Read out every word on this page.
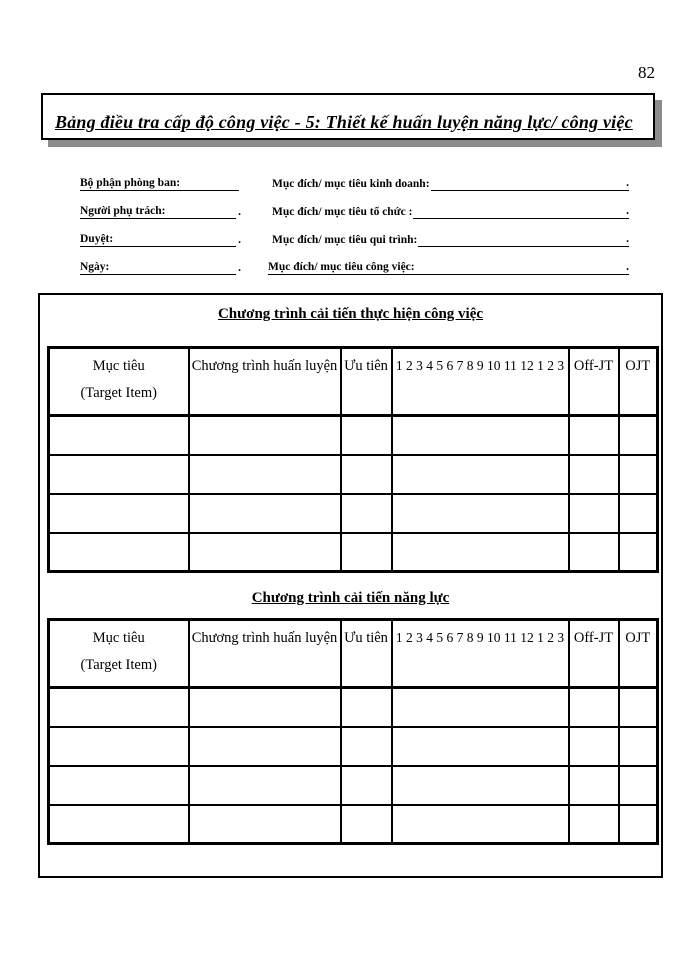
82
Bảng điều tra cấp độ công việc - 5: Thiết kế huấn luyện năng lực/ công việc
Bộ phận phòng ban:
Người phụ trách:	.
Duyệt:	.
Ngày:	.
Mục đích/ mục tiêu kinh doanh:	.
Mục đích/ mục tiêu tổ chức :	.
Mục đích/ mục tiêu qui trình:	.
Mục đích/ mục tiêu công việc:	.
Chương trình cải tiến thực hiện công việc
Mục tiêu
(Target Item)	Chương trình huấn luyện	Ưu tiên	1 2 3 4 5 6 7 8 9 10 11 12 1 2 3	Off-JT	OJT

Chương trình cải tiến năng lực
Mục tiêu
(Target Item)	Chương trình huấn luyện	Ưu tiên	1 2 3 4 5 6 7 8 9 10 11 12 1 2 3	Off-JT	OJT
